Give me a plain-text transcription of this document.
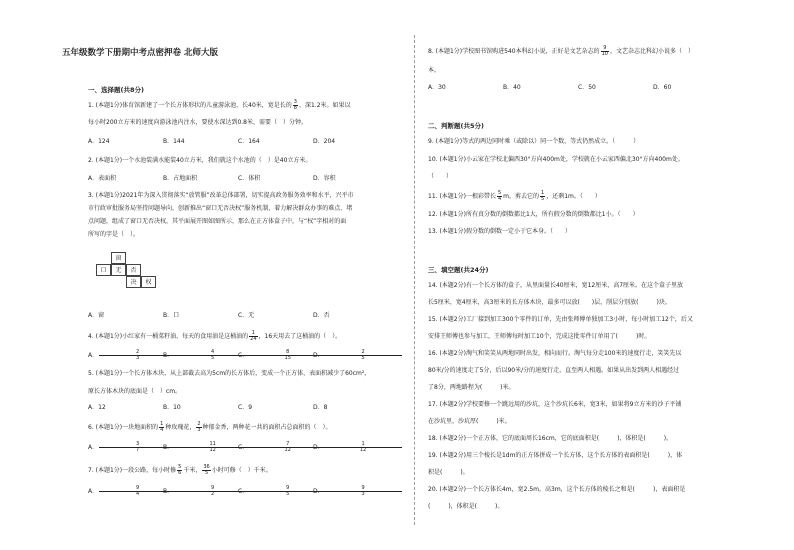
五年级数学下册期中考点密押卷 北师大版
一、选择题(共8分)
1. (本题1分)体育馆新建了一个长方体形状的儿童游泳池，长40米，宽是长的 $\frac{3}{8}$ ，深1.2米。如果以
每小时200立方米的速度向游泳池内注水，要使水深达到0.8米，需要（　）分钟。
A．124	B．144	C．164	D．204
2. (本题1分)一个水池装满水能装40立方米，我们就这个水池的（　）是40立方米。
A．表面积	B．占地面积	C．体积	D．容积
3. (本题1分)2021年为深入贯彻落实“放管服”改革总体部署，切实提高政务服务效率和水平，兴平市
市行政审批服务局坚持问题导向，创新推出“窗口无否决权”服务机制，着力解决群众办事的难点、堵
点问题，组成了窗口无否决权，其平面展开图如图所示，那么在正方体盒子中，与“权”字相对的面
所写的字是（　）。
窗
口	无	否
决	权
A．窗	B．口	C．无	D．否
4. (本题1分)小红家有一桶菜籽油，每天的食用油是这桶油的 $\frac{1}{24}$ ，16天用去了这桶油的（　）。
A． $\frac{2}{3}$
B． $\frac{4}{5}$
C． $\frac{8}{15}$
D． $\frac{2}{5}$
5. (本题1分)一个长方体木块，从上部截去高为5cm的长方体后，变成一个正方体，表面积减少了60cm²，
原长方体木块的底面是（　）cm。
A．12	B．10	C．9	D．8
6. (本题1分)一块地面积的 $\frac{1}{4}$ 种玫瑰花， $\frac{2}{3}$ 种郁金香，两种花一共的面积占总面积的（　）。
A． $\frac{3}{7}$
B． $\frac{11}{12}$
C． $\frac{7}{12}$
D． $\frac{1}{12}$
7. (本题1分)一段公路，每小时修 $\frac{5}{6}$ 千米， $\frac{36}{5}$ 小时可修（　）千米。
A． $\frac{9}{4}$
B． $\frac{9}{2}$
C． $\frac{9}{5}$
D． $\frac{9}{3}$
8. (本题1分)学校图书馆购进540本科幻小说，正好是文艺杂志的 $\frac{9}{10}$ ，文艺杂志比科幻小说多（　）
本。
A．30	B．40	C．50	D．60
二、判断题(共5分)
9. (本题1分)等式的两边同时乘（或除以）同一个数，等式仍然成立。（　　　）
10. (本题1分)小云家在学校北偏西30°方向400m处，学校就在小云家西偏北30°方向400m处。
（　　）
11. (本题1分)一根彩带长 $\frac{5}{4}$ m，剪去它的 $\frac{1}{5}$ ，还剩1m。（　　）
12. (本题1分)所有真分数的倒数都比1大，所有假分数的倒数都比1小。（　　）
13. (本题1分)假分数的倒数一定小于它本身。（　　）
三、填空题(共24分)
14. (本题2分)有一个长方体的盒子，从里面量长40厘米，宽12厘米，高7厘米。在这个盒子里放
长5厘米，宽4厘米，高3厘米的长方体木块，最多可以放(　　)层，削层分别放(　　　)块。
15. (本题2分)工厂接到加工300个零件的订单，先由张师傅单独加工3小时，每小时加工12个，后又
安排王师傅也参与加工，王师傅每时加工10个，完成这批零件订单用了(　　　)时。
16. (本题2分)淘气和笑笑从两地同时出发，相向而行。淘气每分走100米的速度行走，笑笑先以
80米/分的速度走了5分，后以90米/分的速度行走，直至两人相遇。如果从出发到两人相遇经过
了8分，两地路程为(　　　)米。
17. (本题2分)学校要修一个跳远用的沙坑，这个沙坑长6米，宽3米，如果将9立方米的沙子平铺
在沙坑里，沙坑厚(　　　)米。
18. (本题2分)一个正方体，它的底面周长16cm，它的底面积是(　　　)，体积是(　　　)。
19. (本题2分)用三个棱长是1dm的正方体拼成一个长方体，这个长方体的表面积是(　　　)，体
积是(　　　)。
20. (本题2分)一个长方体长4m，宽2.5m，高3m，这个长方体的棱长之和是(　　　)，表面积是
(　　　)，体积是(　　　)。
